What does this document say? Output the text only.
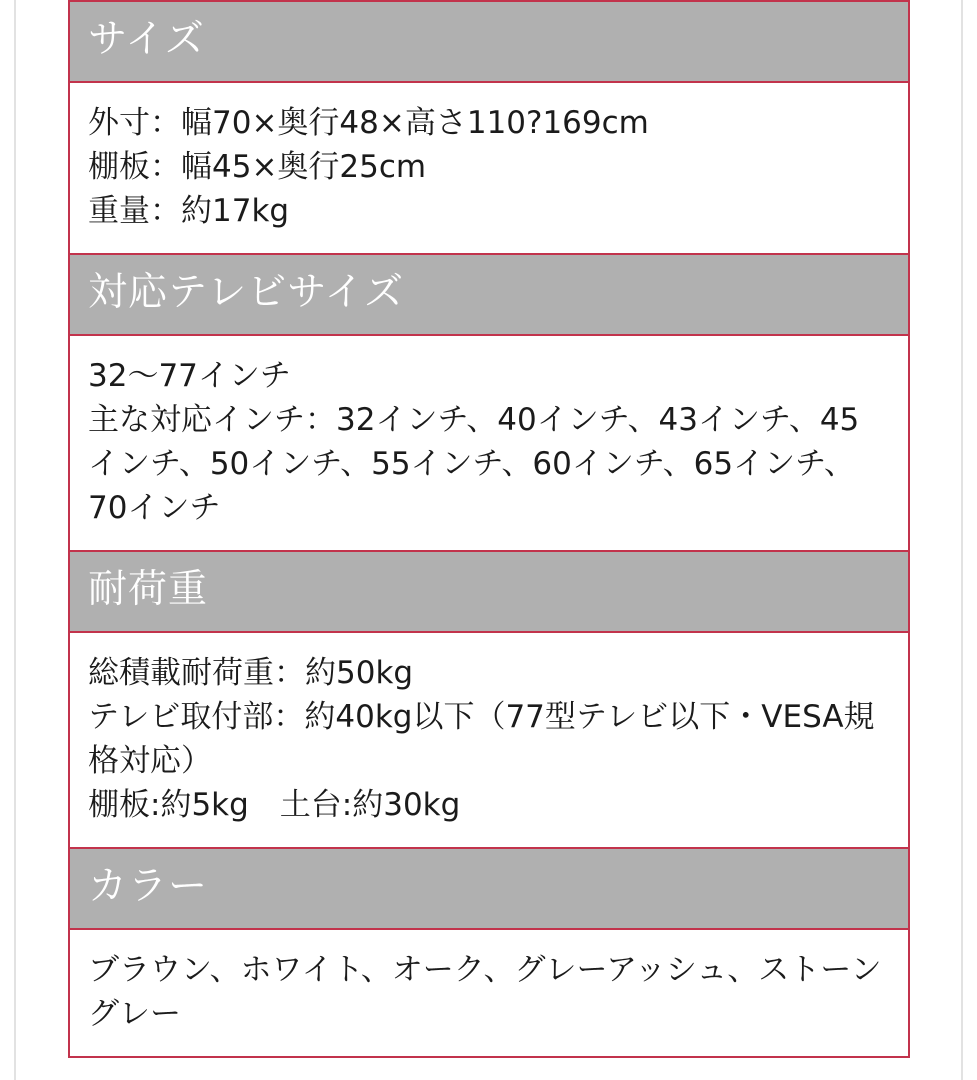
サイズ

外寸：幅70×奥行48×高さ110?169cm
棚板：幅45×奥行25cm
重量：約17kg

対応テレビサイズ

32〜77インチ
主な対応インチ：32インチ、40インチ、43インチ、45インチ、50インチ、55インチ、60インチ、65インチ、70インチ

耐荷重

総積載耐荷重：約50kg
テレビ取付部：約40kg以下（77型テレビ以下・VESA規格対応）
棚板:約5kg　土台:約30kg

カラー

ブラウン、ホワイト、オーク、グレーアッシュ、ストーングレー
